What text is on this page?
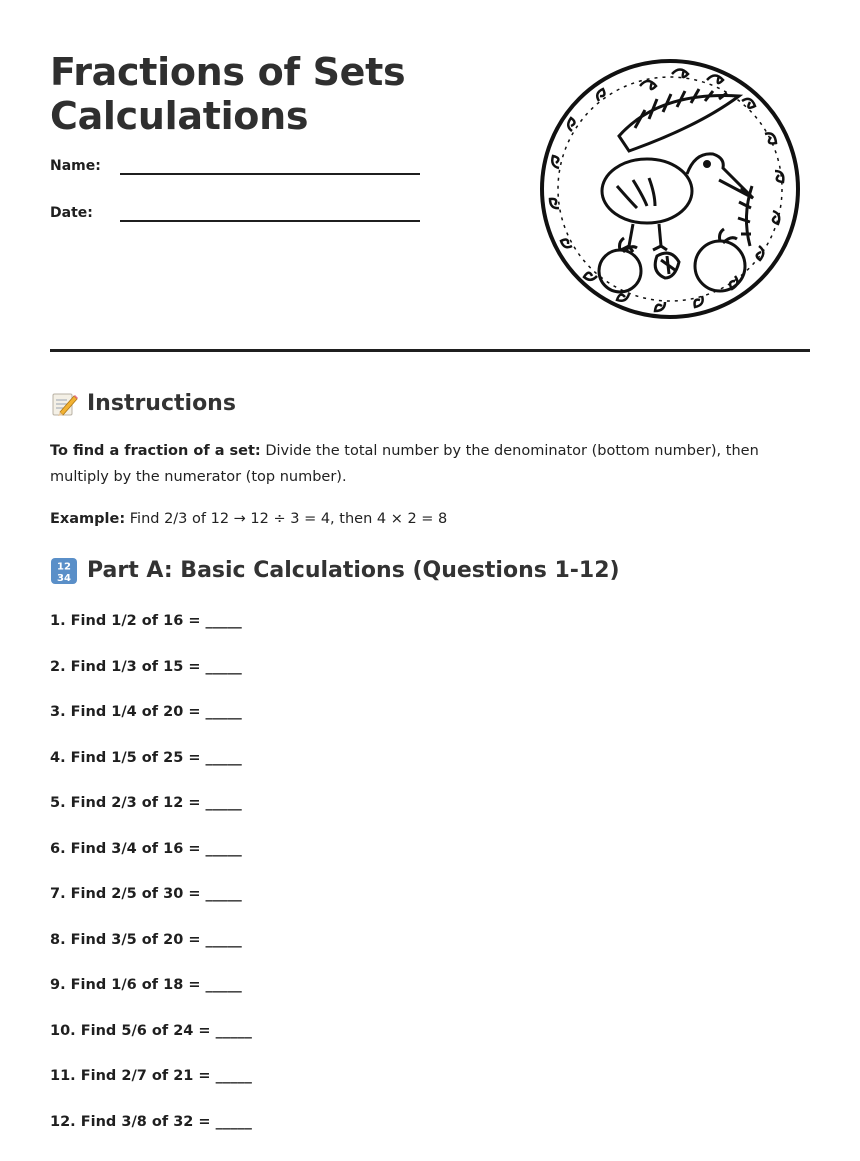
Fractions of Sets
Calculations
Name:
Date:
Instructions

To find a fraction of a set: Divide the total number by the denominator (bottom number), then multiply by the numerator (top number).

Example: Find 2/3 of 12 → 12 ÷ 3 = 4, then 4 × 2 = 8

12
34 Part A: Basic Calculations (Questions 1-12)
1. Find 1/2 of 16 = _____
2. Find 1/3 of 15 = _____
3. Find 1/4 of 20 = _____
4. Find 1/5 of 25 = _____
5. Find 2/3 of 12 = _____
6. Find 3/4 of 16 = _____
7. Find 2/5 of 30 = _____
8. Find 3/5 of 20 = _____
9. Find 1/6 of 18 = _____
10. Find 5/6 of 24 = _____
11. Find 2/7 of 21 = _____
12. Find 3/8 of 32 = _____
